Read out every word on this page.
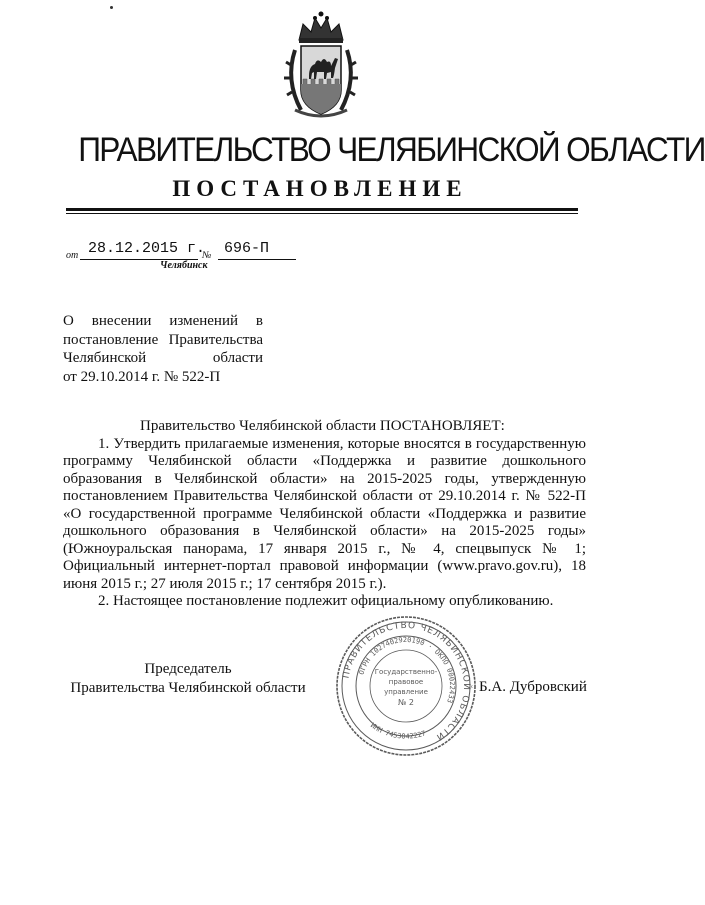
ПРАВИТЕЛЬСТВО ЧЕЛЯБИНСКОЙ ОБЛАСТИ
ПОСТАНОВЛЕНИЕ
от 28.12.2015 г.
№ 696-П
Челябинск
О внесении изменений в
постановление Правительства
Челябинской области
от 29.10.2014 г. № 522-П
Правительство Челябинской области ПОСТАНОВЛЯЕТ:
1. Утвердить прилагаемые изменения, которые вносятся в государственную программу Челябинской области «Поддержка и развитие дошкольного образования в Челябинской области» на 2015-2025 годы, утвержденную постановлением Правительства Челябинской области от 29.10.2014 г. № 522-П «О государственной программе Челябинской области «Поддержка и развитие дошкольного образования в Челябинской области» на 2015-2025 годы» (Южноуральская панорама, 17 января 2015 г., № 4, спецвыпуск № 1; Официальный интернет-портал правовой информации (www.pravo.gov.ru), 18 июня 2015 г.; 27 июля 2015 г.; 17 сентября 2015 г.).
2. Настоящее постановление подлежит официальному опубликованию.
Председатель
Правительства Челябинской области	Б.А. Дубровский
ПРАВИТЕЛЬСТВО ЧЕЛЯБИНСКОЙ ОБЛАСТИ
ОГРН 1027402920190 · ОКПО 00022433
ИНН 7453042227
Государственно-
правовое
управление
№ 2
